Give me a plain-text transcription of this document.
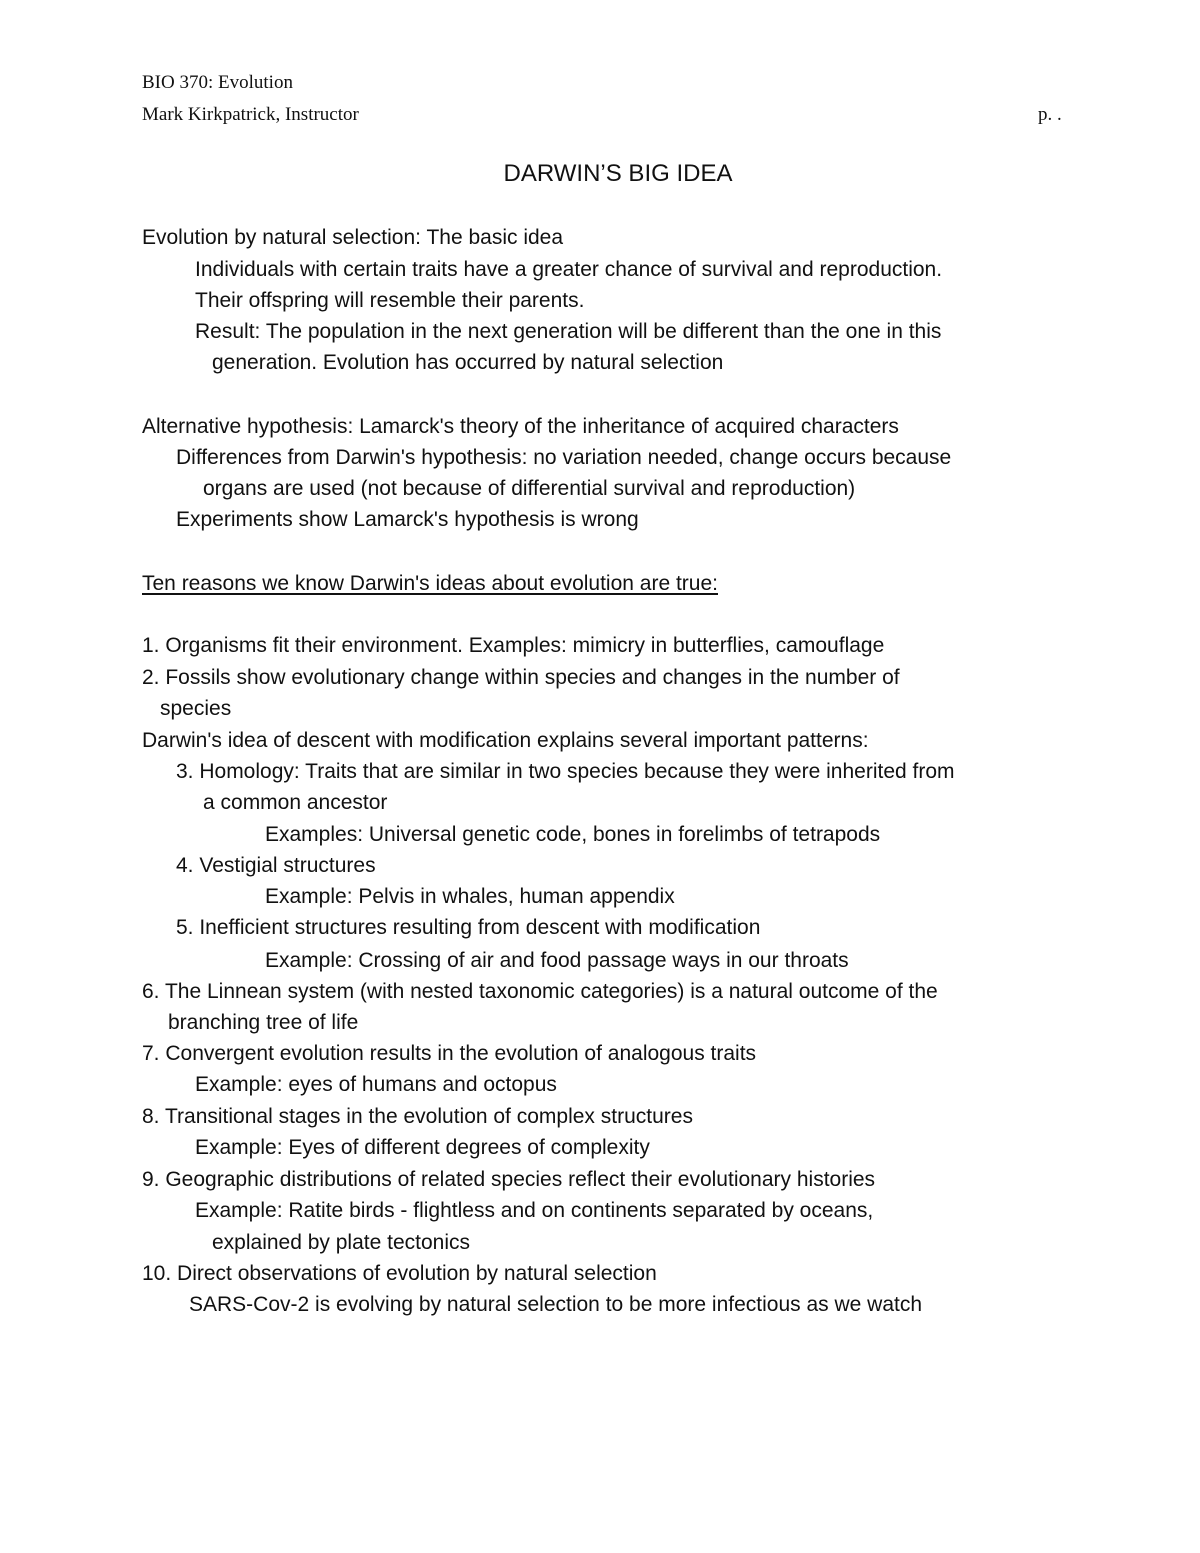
BIO 370: Evolution
Mark Kirkpatrick, Instructor	p. .
DARWIN’S BIG IDEA
Evolution by natural selection: The basic idea
Individuals with certain traits have a greater chance of survival and reproduction.
Their offspring will resemble their parents.
Result: The population in the next generation will be different than the one in this
generation. Evolution has occurred by natural selection
Alternative hypothesis: Lamarck's theory of the inheritance of acquired characters
Differences from Darwin's hypothesis: no variation needed, change occurs because
organs are used (not because of differential survival and reproduction)
Experiments show Lamarck's hypothesis is wrong
Ten reasons we know Darwin's ideas about evolution are true:
1. Organisms fit their environment. Examples: mimicry in butterflies, camouflage
2. Fossils show evolutionary change within species and changes in the number of
species
Darwin's idea of descent with modification explains several important patterns:
3. Homology: Traits that are similar in two species because they were inherited from
a common ancestor
Examples: Universal genetic code, bones in forelimbs of tetrapods
4. Vestigial structures
Example: Pelvis in whales, human appendix
5. Inefficient structures resulting from descent with modification
Example: Crossing of air and food passage ways in our throats
6. The Linnean system (with nested taxonomic categories) is a natural outcome of the
branching tree of life
7. Convergent evolution results in the evolution of analogous traits
Example: eyes of humans and octopus
8. Transitional stages in the evolution of complex structures
Example: Eyes of different degrees of complexity
9. Geographic distributions of related species reflect their evolutionary histories
Example: Ratite birds - flightless and on continents separated by oceans,
explained by plate tectonics
10. Direct observations of evolution by natural selection
SARS-Cov-2 is evolving by natural selection to be more infectious as we watch
